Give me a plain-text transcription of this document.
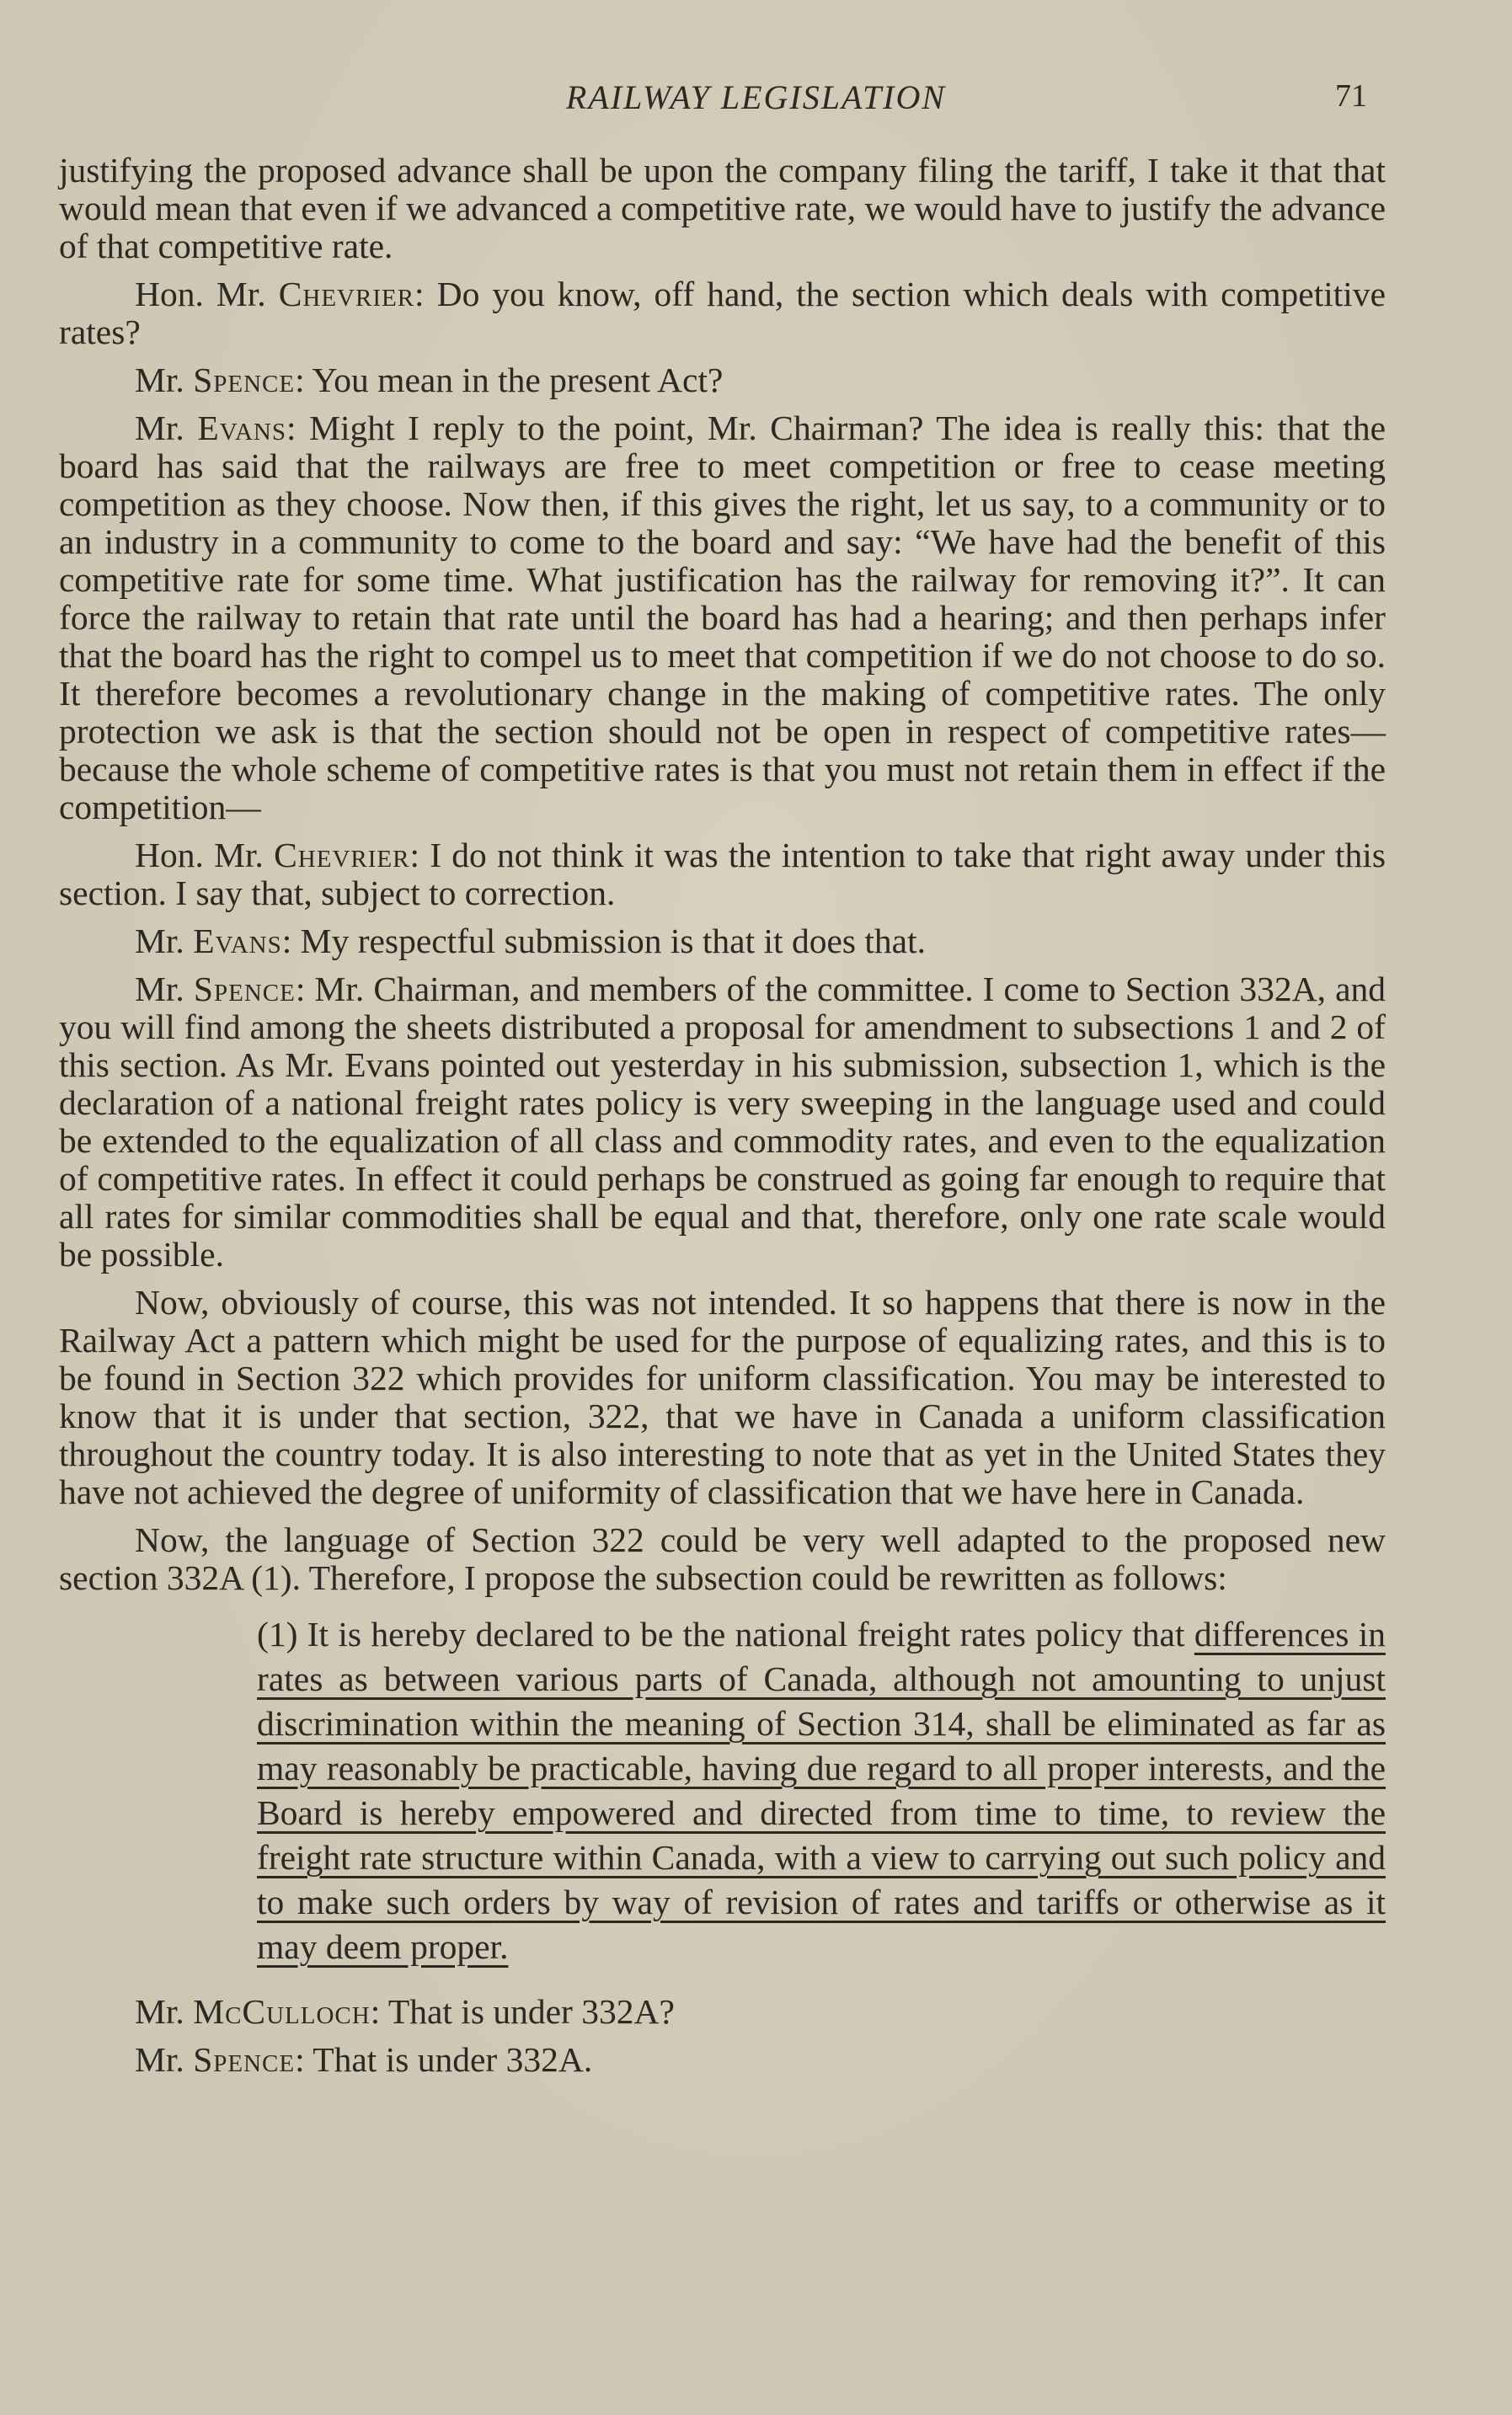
RAILWAY LEGISLATION	71

justifying the proposed advance shall be upon the company filing the tariff, I take it that that would mean that even if we advanced a competitive rate, we would have to justify the advance of that competitive rate.

Hon. Mr. Chevrier: Do you know, off hand, the section which deals with competitive rates?

Mr. Spence: You mean in the present Act?

Mr. Evans: Might I reply to the point, Mr. Chairman? The idea is really this: that the board has said that the railways are free to meet competition or free to cease meeting competition as they choose. Now then, if this gives the right, let us say, to a community or to an industry in a community to come to the board and say: “We have had the benefit of this competitive rate for some time. What justification has the railway for removing it?”. It can force the railway to retain that rate until the board has had a hearing; and then perhaps infer that the board has the right to compel us to meet that competition if we do not choose to do so. It therefore becomes a revolutionary change in the making of competitive rates. The only protection we ask is that the section should not be open in respect of competitive rates—because the whole scheme of competitive rates is that you must not retain them in effect if the competition—

Hon. Mr. Chevrier: I do not think it was the intention to take that right away under this section. I say that, subject to correction.

Mr. Evans: My respectful submission is that it does that.

Mr. Spence: Mr. Chairman, and members of the committee. I come to Section 332A, and you will find among the sheets distributed a proposal for amendment to subsections 1 and 2 of this section. As Mr. Evans pointed out yesterday in his submission, subsection 1, which is the declaration of a national freight rates policy is very sweeping in the language used and could be extended to the equalization of all class and commodity rates, and even to the equalization of competitive rates. In effect it could perhaps be construed as going far enough to require that all rates for similar commodities shall be equal and that, therefore, only one rate scale would be possible.

Now, obviously of course, this was not intended. It so happens that there is now in the Railway Act a pattern which might be used for the purpose of equalizing rates, and this is to be found in Section 322 which provides for uniform classification. You may be interested to know that it is under that section, 322, that we have in Canada a uniform classification throughout the country today. It is also interesting to note that as yet in the United States they have not achieved the degree of uniformity of classification that we have here in Canada.

Now, the language of Section 322 could be very well adapted to the proposed new section 332A (1). Therefore, I propose the subsection could be rewritten as follows:

(1) It is hereby declared to be the national freight rates policy that differences in rates as between various parts of Canada, although not amounting to unjust discrimination within the meaning of Section 314, shall be eliminated as far as may reasonably be practicable, having due regard to all proper interests, and the Board is hereby empowered and directed from time to time, to review the freight rate structure within Canada, with a view to carrying out such policy and to make such orders by way of revision of rates and tariffs or otherwise as it may deem proper.

Mr. McCulloch: That is under 332A?

Mr. Spence: That is under 332A.
